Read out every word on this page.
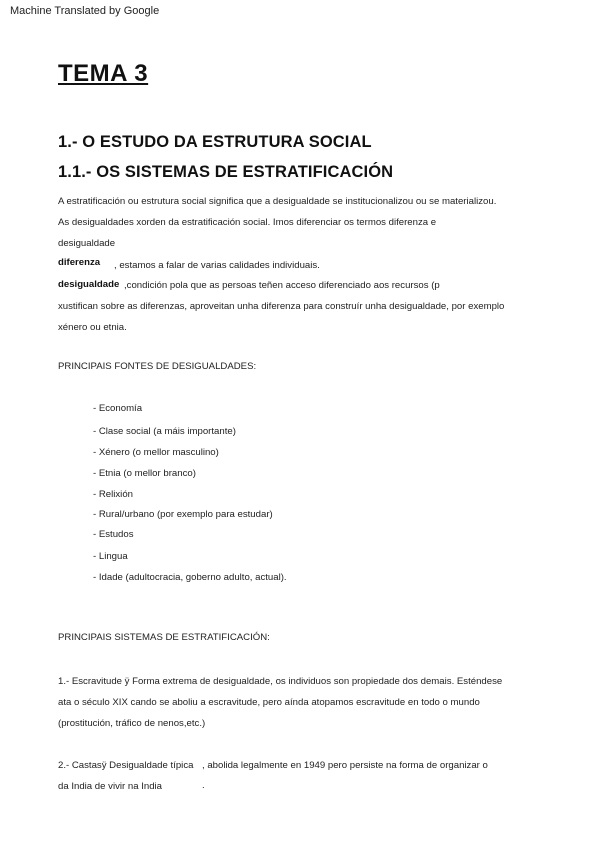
Machine Translated by Google
TEMA 3
1.- O ESTUDO DA ESTRUTURA SOCIAL
1.1.- OS SISTEMAS DE ESTRATIFICACIÓN
A estratificación ou estrutura social significa que a desigualdade se institucionalizou ou se materializou.
As desigualdades xorden da estratificación social. Imos diferenciar os termos diferenza e
desigualdade
diferenza , estamos a falar de varias calidades individuais.
desigualdade ,condición pola que as persoas teñen acceso diferenciado aos recursos (p
xustifican sobre as diferenzas, aproveitan unha diferenza para construír unha desigualdade, por exemplo
xénero ou etnia.
PRINCIPAIS FONTES DE DESIGUALDADES:
- Economía
- Clase social (a máis importante)
- Xénero (o mellor masculino)
- Etnia (o mellor branco)
- Relixión
- Rural/urbano (por exemplo para estudar)
- Estudos
- Lingua
- Idade (adultocracia, goberno adulto, actual).
PRINCIPAIS SISTEMAS DE ESTRATIFICACIÓN:
1.- Escravitude ÿ Forma extrema de desigualdade, os individuos son propiedade dos demais. Esténdese
ata o século XIX cando se aboliu a escravitude, pero aínda atopamos escravitude en todo o mundo
(prostitución, tráfico de nenos,etc.)
2.- Castasÿ Desigualdade típica , abolida legalmente en 1949 pero persiste na forma de organizar o
da India de vivir na India	.
